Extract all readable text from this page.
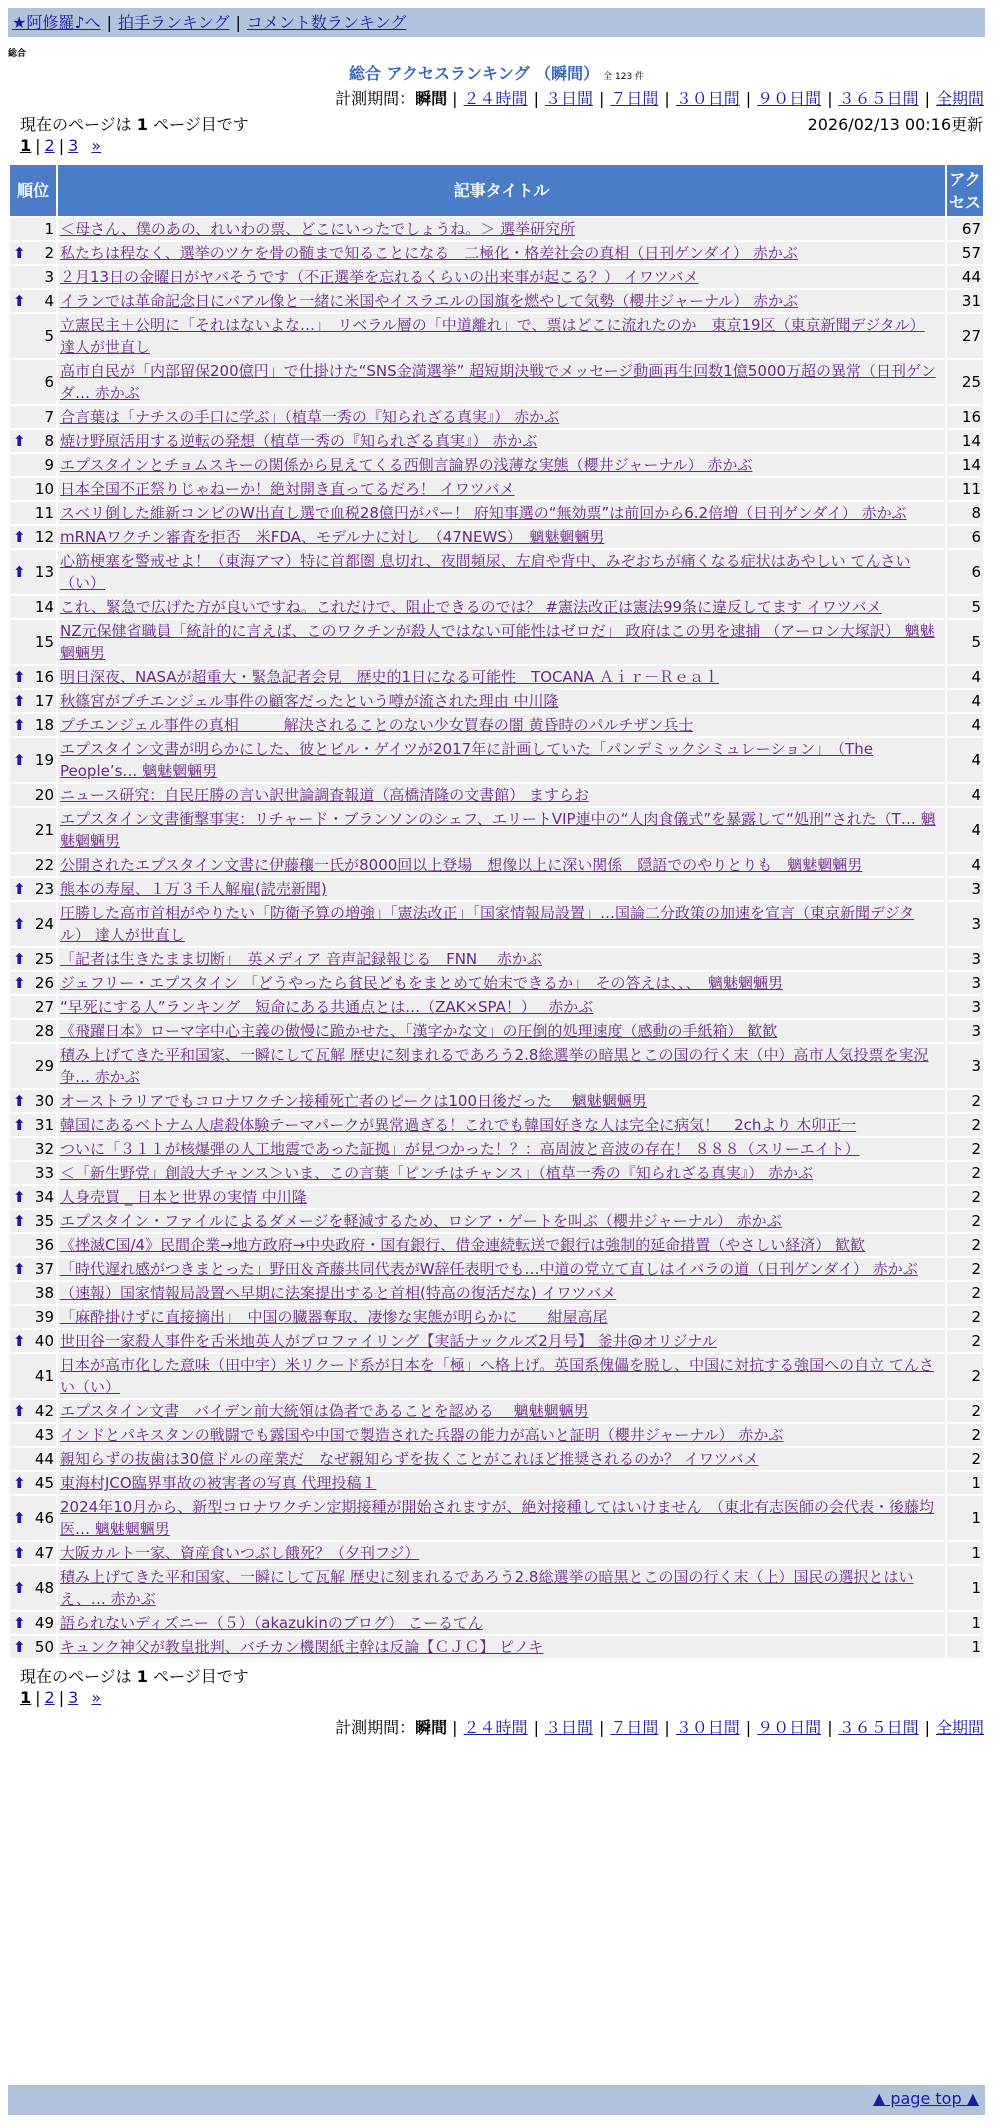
★阿修羅♪へ | 拍手ランキング | コメント数ランキング
総合
総合 アクセスランキング （瞬間） 全 123 件
計測期間：瞬間 | ２４時間 | ３日間 | ７日間 | ３０日間 | ９０日間 | ３６５日間 | 全期間
現在のページは 1 ページ目です	2026/02/13 00:16更新
1 | 2 | 3 »
順位	記事タイトル	アクセス
1	＜母さん、僕のあの、れいわの票、どこにいったでしょうね。＞ 選挙研究所	67

⬆ 2	私たちは程なく、選挙のツケを骨の髄まで知ることになる　二極化・格差社会の真相（日刊ゲンダイ） 赤かぶ	57
3	２月13日の金曜日がヤバそうです（不正選挙を忘れるくらいの出来事が起こる？） イワツバメ	44

⬆ 4	イランでは革命記念日にバアル像と一緒に米国やイスラエルの国旗を燃やして気勢（櫻井ジャーナル） 赤かぶ	31
5	立憲民主＋公明に「それはないよな…」　リベラル層の「中道離れ」で、票はどこに流れたのか　東京19区（東京新聞デジタル） 達人が世直し	27
6	高市自民が「内部留保200億円」で仕掛けた“SNS金満選挙” 超短期決戦でメッセージ動画再生回数1億5000万超の異常（日刊ゲンダ… 赤かぶ	25
7	合言葉は「ナチスの手口に学ぶ」（植草一秀の『知られざる真実』） 赤かぶ	16

⬆ 8	焼け野原活用する逆転の発想（植草一秀の『知られざる真実』） 赤かぶ	14
9	エプスタインとチョムスキーの関係から見えてくる西側言論界の浅薄な実態（櫻井ジャーナル） 赤かぶ	14
10	日本全国不正祭りじゃねーか！絶対開き直ってるだろ！ イワツバメ	11
11	スベリ倒した維新コンビのW出直し選で血税28億円がパー！ 府知事選の“無効票”は前回から6.2倍増（日刊ゲンダイ） 赤かぶ	8

⬆ 12	mRNAワクチン審査を拒否　米FDA、モデルナに対し　（47NEWS）　魑魅魍魎男	6

⬆ 13	心筋梗塞を警戒せよ！（東海アマ）特に首都圏 息切れ、夜間頻尿、左肩や背中、みぞおちが痛くなる症状はあやしい てんさい（い）	6
14	これ、緊急で広げた方が良いですね。これだけで、阻止できるのでは？ #憲法改正は憲法99条に違反してます イワツバメ	5
15	NZ元保健省職員「統計的に言えば、このワクチンが殺人ではない可能性はゼロだ」 政府はこの男を逮捕 （アーロン大塚訳） 魑魅魍魎男	5

⬆ 16	明日深夜、NASAが超重大・緊急記者会見　歴史的1日になる可能性　TOCANA Ａｉｒ－Ｒｅａｌ	4

⬆ 17	秋篠宮がプチエンジェル事件の顧客だったという噂が流された理由 中川隆	4

⬆ 18	プチエンジェル事件の真相　　　解決されることのない少女買春の闇 黄昏時のパルチザン兵士	4

⬆ 19	エプスタイン文書が明らかにした、彼とビル・ゲイツが2017年に計画していた「パンデミックシミュレーション」　（The People’s… 魑魅魍魎男	4
20	ニュース研究：自民圧勝の言い訳世論調査報道（高橋清隆の文書館） ますらお	4
21	エプスタイン文書衝撃事実：リチャード・ブランソンのシェフ、エリートVIP連中の“人肉食儀式”を暴露して“処刑”された（T… 魑魅魍魎男	4
22	公開されたエプスタイン文書に伊藤穰一氏が8000回以上登場　想像以上に深い関係　隠語でのやりとりも　魑魅魍魎男	4

⬆ 23	熊本の寿屋、１万３千人解雇(読売新聞)	3

⬆ 24	圧勝した高市首相がやりたい「防衛予算の増強」「憲法改正」「国家情報局設置」…国論二分政策の加速を宣言（東京新聞デジタル） 達人が世直し	3

⬆ 25	「記者は生きたまま切断」　英メディア 音声記録報じる　FNN　 赤かぶ	3

⬆ 26	ジェフリー・エプスタイン 「どうやったら貧民どもをまとめて始末できるか」　その答えは、、、　魑魅魍魎男	3
27	“早死にする人”ランキング　短命にある共通点とは…（ZAK×SPA！）　 赤かぶ	3
28	《飛躍日本》ローマ字中心主義の傲慢に跪かせた、「漢字かな文」の圧倒的処理速度（感動の手紙箱） 歓歓	3
29	積み上げてきた平和国家、一瞬にして瓦解 歴史に刻まれるであろう2.8総選挙の暗黒とこの国の行く末（中）高市人気投票を実況争… 赤かぶ	3

⬆ 30	オーストラリアでもコロナワクチン接種死亡者のピークは100日後だった　 魑魅魍魎男	2

⬆ 31	韓国にあるベトナム人虐殺体験テーマパークが異常過ぎる！これでも韓国好きな人は完全に病気！　2chより 木卯正一	2
32	ついに「３１１が核爆弾の人工地震であった証拠」が見つかった！？：高周波と音波の存在！ ８８８（スリーエイト）	2
33	＜「新生野党」創設大チャンス＞いま、この言葉「ピンチはチャンス」（植草一秀の『知られざる真実』） 赤かぶ	2

⬆ 34	人身売買 _ 日本と世界の実情 中川隆	2

⬆ 35	エプスタイン・ファイルによるダメージを軽減するため、ロシア・ゲートを叫ぶ（櫻井ジャーナル） 赤かぶ	2
36	《挫滅C国/4》民間企業→地方政府→中央政府・国有銀行、借金連続転送で銀行は強制的延命措置（やさしい経済） 歓歓	2

⬆ 37	「時代遅れ感がつきまとった」野田＆斉藤共同代表がW辞任表明でも…中道の党立て直しはイバラの道（日刊ゲンダイ） 赤かぶ	2
38	（速報）国家情報局設置へ早期に法案提出すると首相(特高の復活だな) イワツバメ	2
39	「麻酔掛けずに直接摘出」　中国の臓器奪取、凄惨な実態が明らかに　　紺屋高尾	2

⬆ 40	世田谷一家殺人事件を舌米地英人がプロファイリング【実話ナックルズ2月号】 釜井@オリジナル	2
41	日本が高市化した意味（田中宇）米リクード系が日本を「極」へ格上げ。英国系傀儡を脱し、中国に対抗する強国への自立 てんさい（い）	2

⬆ 42	エプスタイン文書　バイデン前大統領は偽者であることを認める　 魑魅魍魎男	2
43	インドとパキスタンの戦闘でも露国や中国で製造された兵器の能力が高いと証明（櫻井ジャーナル） 赤かぶ	2
44	親知らずの抜歯は30億ドルの産業だ　なぜ親知らずを抜くことがこれほど推奨されるのか？ イワツバメ	2

⬆ 45	東海村JCO臨界事故の被害者の写真 代理投稿１	1

⬆ 46	2024年10月から、新型コロナワクチン定期接種が開始されますが、絶対接種してはいけません　（東北有志医師の会代表・後藤均医… 魑魅魍魎男	1

⬆ 47	大阪カルト一家、資産食いつぶし餓死？（夕刊フジ）	1

⬆ 48	積み上げてきた平和国家、一瞬にして瓦解 歴史に刻まれるであろう2.8総選挙の暗黒とこの国の行く末（上）国民の選択とはいえ、… 赤かぶ	1

⬆ 49	語られないディズニー（５）（akazukinのブログ） こーるてん	1

⬆ 50	キュンク神父が教皇批判、バチカン機関紙主幹は反論【ＣＪＣ】 ピノキ	1
現在のページは 1 ページ目です
1 | 2 | 3 »
計測期間：瞬間 | ２４時間 | ３日間 | ７日間 | ３０日間 | ９０日間 | ３６５日間 | 全期間
▲ page top ▲
